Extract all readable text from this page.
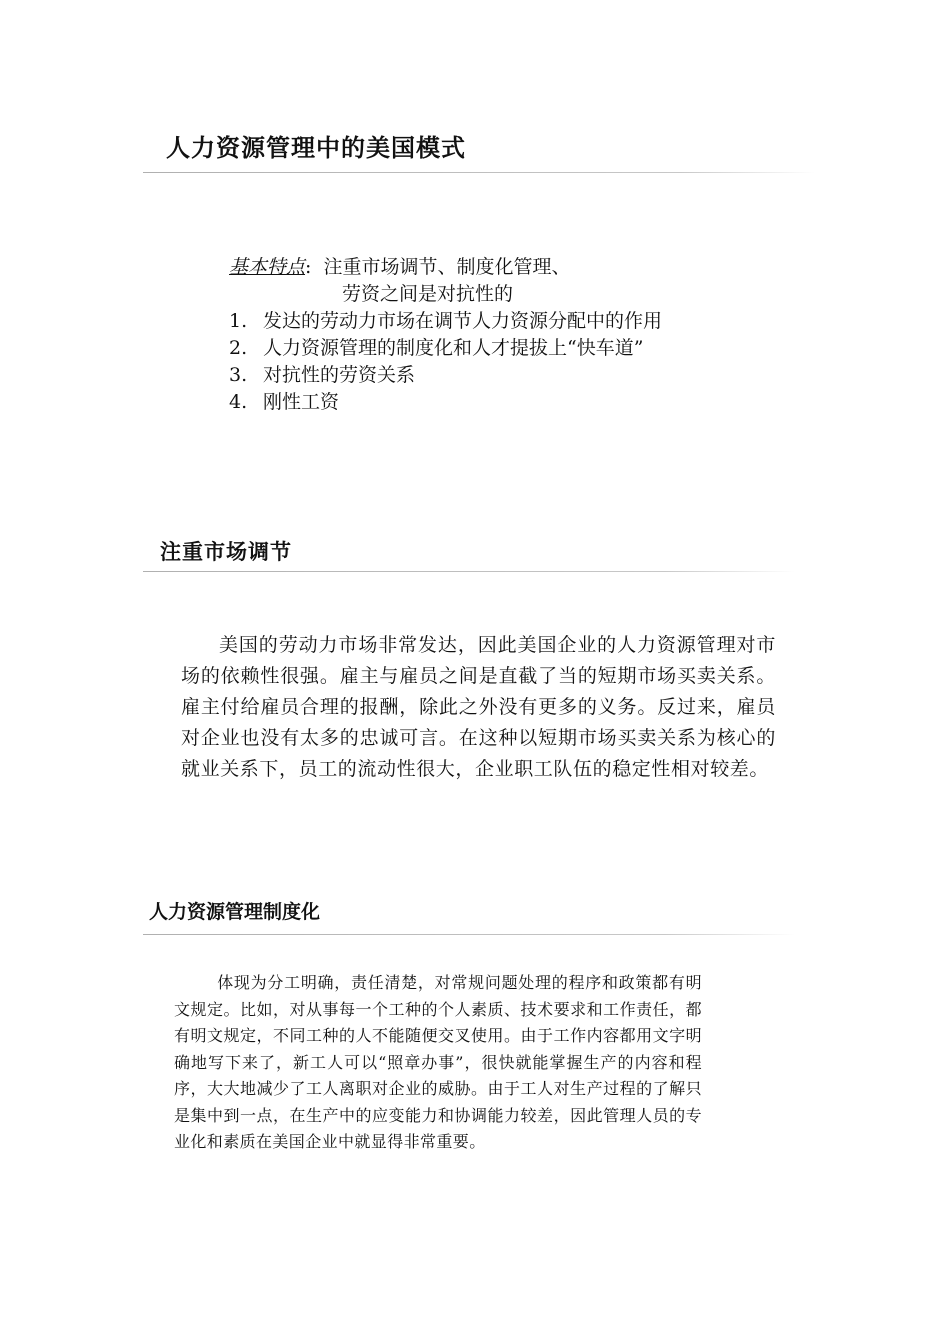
人力资源管理中的美国模式
基本特点: 注重市场调节、制度化管理、
劳资之间是对抗性的
1. 发达的劳动力市场在调节人力资源分配中的作用
2. 人力资源管理的制度化和人才提拔上“快车道”
3. 对抗性的劳资关系
4. 刚性工资
注重市场调节

美国的劳动力市场非常发达，因此美国企业的人力资源管理对市场的依赖性很强。雇主与雇员之间是直截了当的短期市场买卖关系。雇主付给雇员合理的报酬，除此之外没有更多的义务。反过来，雇员对企业也没有太多的忠诚可言。在这种以短期市场买卖关系为核心的就业关系下，员工的流动性很大，企业职工队伍的稳定性相对较差。

人力资源管理制度化

体现为分工明确，责任清楚，对常规问题处理的程序和政策都有明文规定。比如，对从事每一个工种的个人素质、技术要求和工作责任，都有明文规定，不同工种的人不能随便交叉使用。由于工作内容都用文字明确地写下来了，新工人可以“照章办事”，很快就能掌握生产的内容和程序，大大地减少了工人离职对企业的威胁。由于工人对生产过程的了解只是集中到一点，在生产中的应变能力和协调能力较差，因此管理人员的专业化和素质在美国企业中就显得非常重要。
